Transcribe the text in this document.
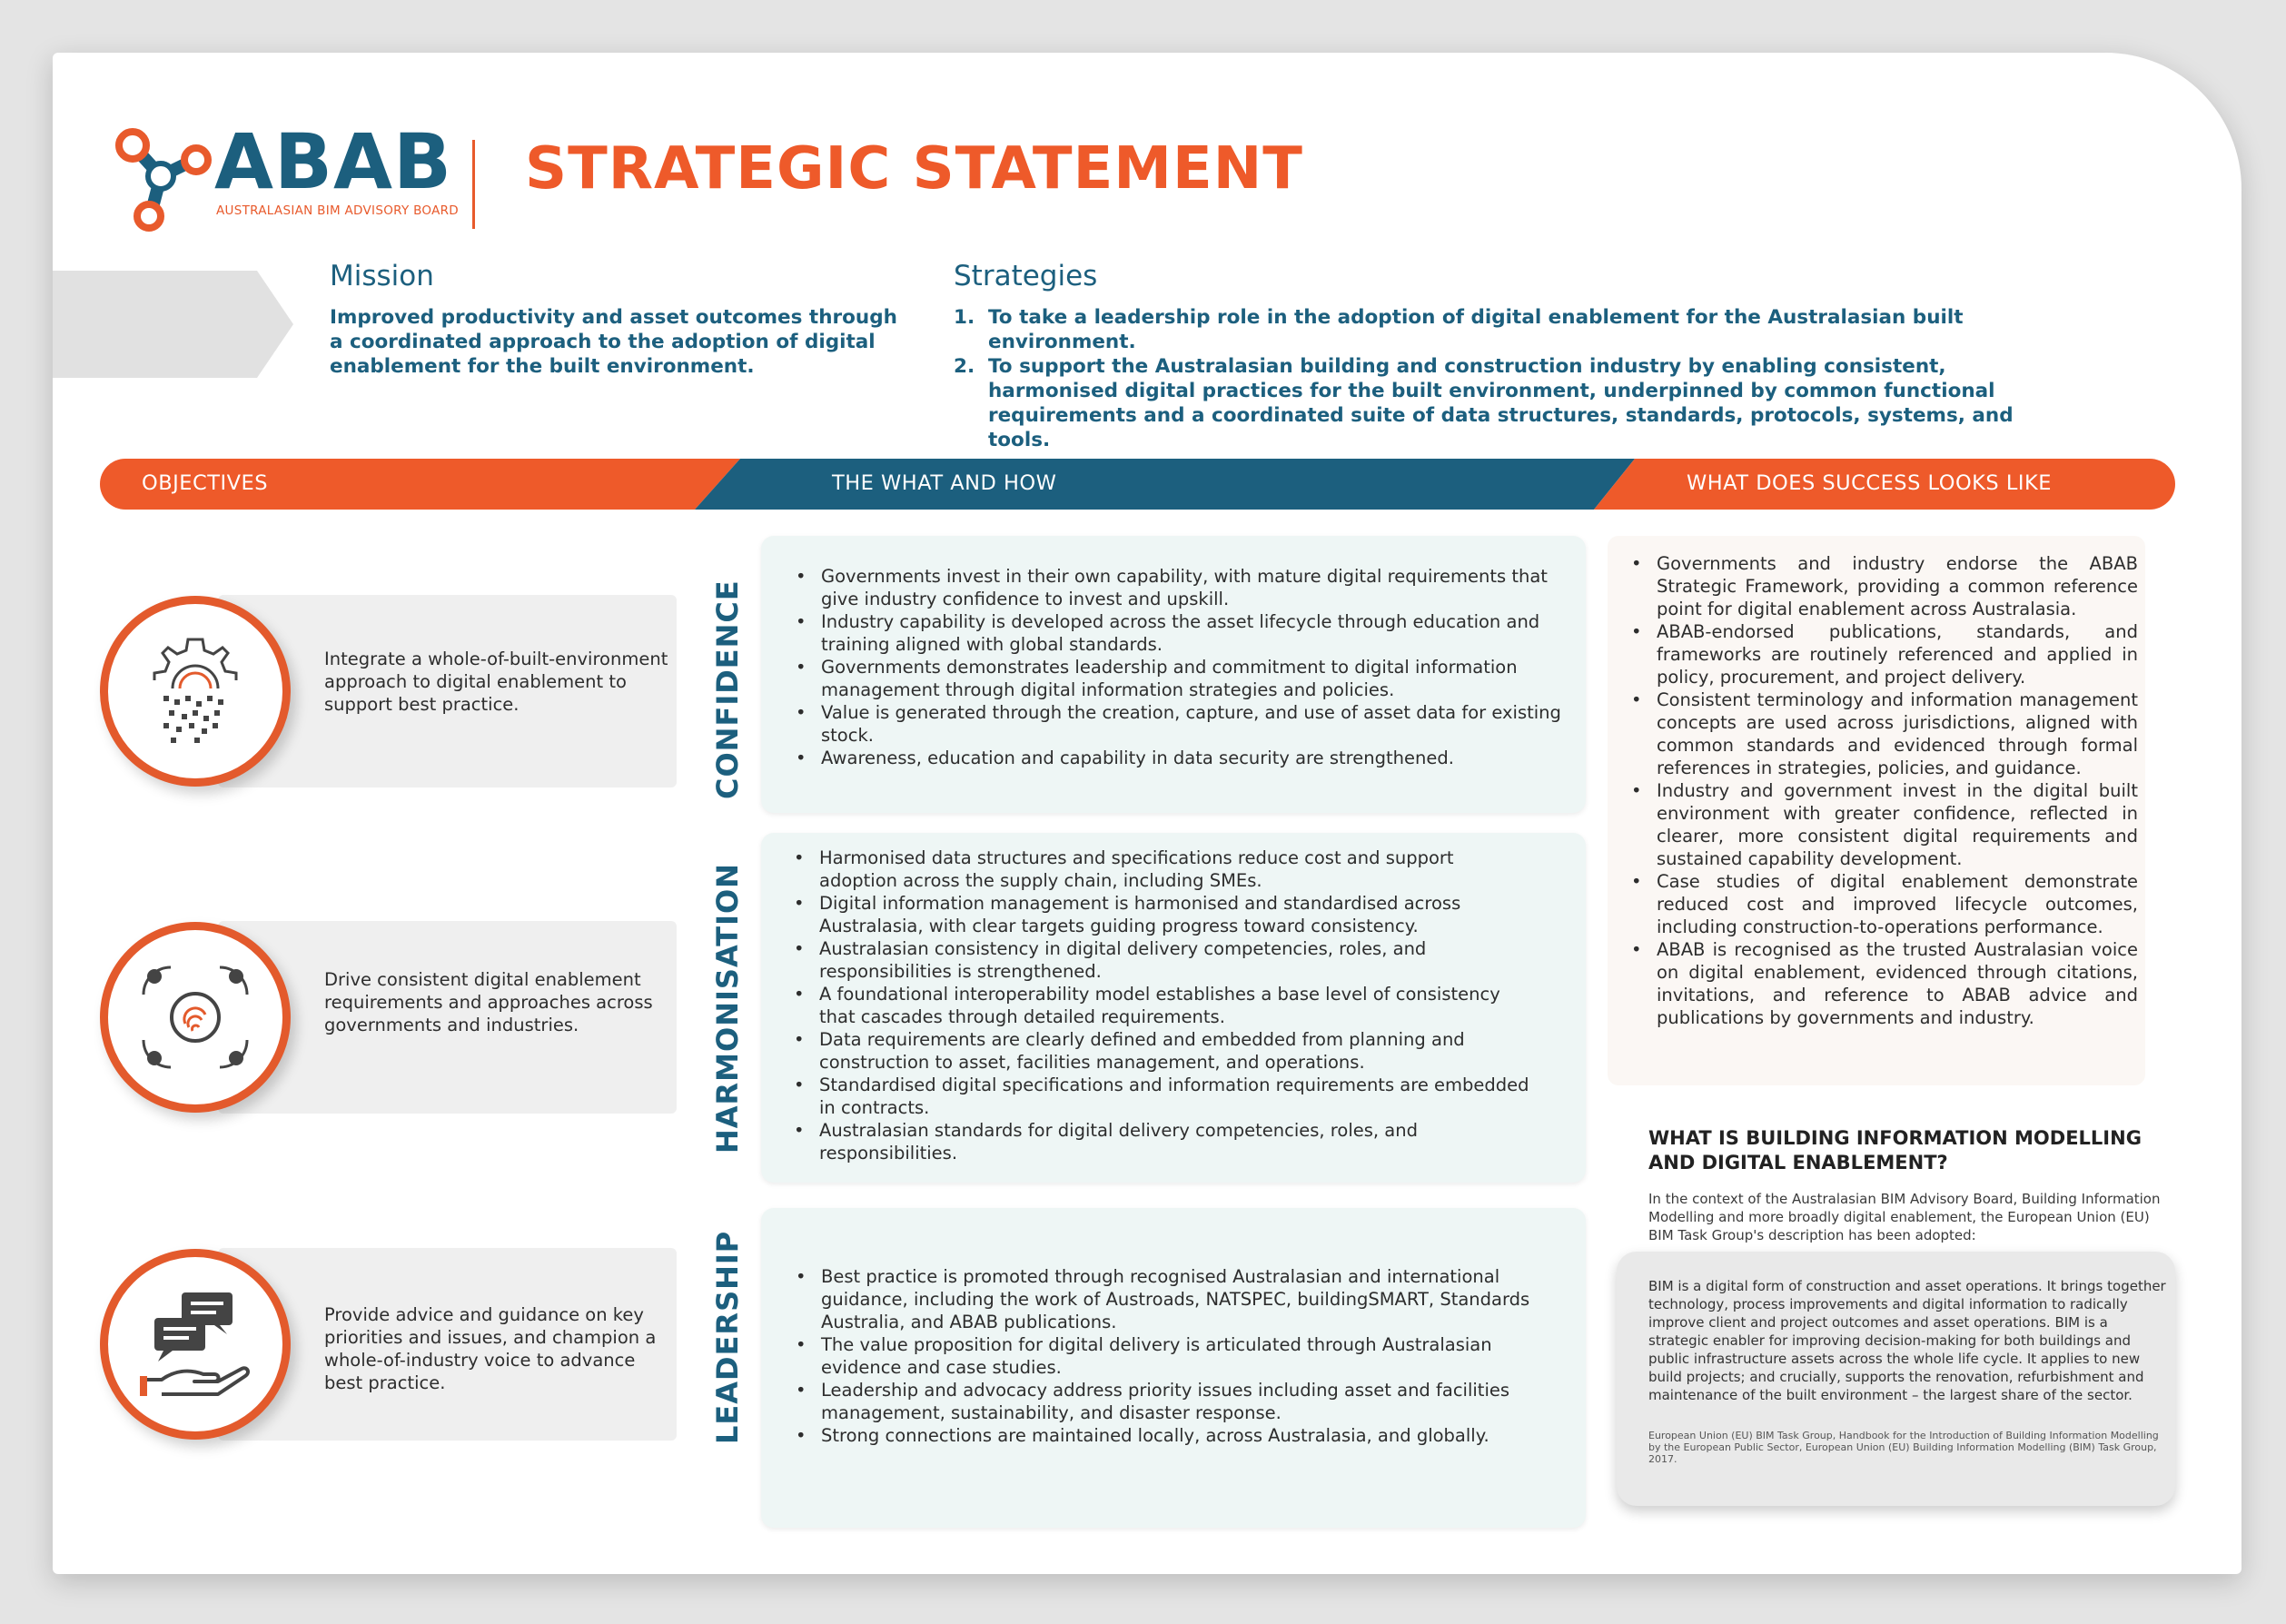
ABAB
AUSTRALASIAN BIM ADVISORY BOARD
STRATEGIC STATEMENT
Mission
Improved productivity and asset outcomes through a coordinated approach to the adoption of digital enablement for the built environment.
Strategies
1. To take a leadership role in the adoption of digital enablement for the Australasian built environment.
2. To support the Australasian building and construction industry by enabling consistent, harmonised digital practices for the built environment, underpinned by common functional requirements and a coordinated suite of data structures, standards, protocols, systems, and tools.
OBJECTIVES	THE WHAT AND HOW	WHAT DOES SUCCESS LOOKS LIKE
Integrate a whole-of-built-environment approach to digital enablement to support best practice.
Drive consistent digital enablement requirements and approaches across governments and industries.
Provide advice and guidance on key priorities and issues, and champion a whole-of-industry voice to advance best practice.
CONFIDENCE
HARMONISATION
LEADERSHIP
• Governments invest in their own capability, with mature digital requirements that give industry confidence to invest and upskill.
• Industry capability is developed across the asset lifecycle through education and training aligned with global standards.
• Governments demonstrates leadership and commitment to digital information management through digital information strategies and policies.
• Value is generated through the creation, capture, and use of asset data for existing stock.
• Awareness, education and capability in data security are strengthened.
• Harmonised data structures and specifications reduce cost and support adoption across the supply chain, including SMEs.
• Digital information management is harmonised and standardised across Australasia, with clear targets guiding progress toward consistency.
• Australasian consistency in digital delivery competencies, roles, and responsibilities is strengthened.
• A foundational interoperability model establishes a base level of consistency that cascades through detailed requirements.
• Data requirements are clearly defined and embedded from planning and construction to asset, facilities management, and operations.
• Standardised digital specifications and information requirements are embedded in contracts.
• Australasian standards for digital delivery competencies, roles, and responsibilities.
• Best practice is promoted through recognised Australasian and international guidance, including the work of Austroads, NATSPEC, buildingSMART, Standards Australia, and ABAB publications.
• The value proposition for digital delivery is articulated through Australasian evidence and case studies.
• Leadership and advocacy address priority issues including asset and facilities management, sustainability, and disaster response.
• Strong connections are maintained locally, across Australasia, and globally.
• Governments and industry endorse the ABAB Strategic Framework, providing a common reference point for digital enablement across Australasia.
• ABAB-endorsed publications, standards, and frameworks are routinely referenced and applied in policy, procurement, and project delivery.
• Consistent terminology and information management concepts are used across jurisdictions, aligned with common standards and evidenced through formal references in strategies, policies, and guidance.
• Industry and government invest in the digital built environment with greater confidence, reflected in clearer, more consistent digital requirements and sustained capability development.
• Case studies of digital enablement demonstrate reduced cost and improved lifecycle outcomes, including construction-to-operations performance.
• ABAB is recognised as the trusted Australasian voice on digital enablement, evidenced through citations, invitations, and reference to ABAB advice and publications by governments and industry.
WHAT IS BUILDING INFORMATION MODELLING AND DIGITAL ENABLEMENT?
In the context of the Australasian BIM Advisory Board, Building Information Modelling and more broadly digital enablement, the European Union (EU) BIM Task Group's description has been adopted:
BIM is a digital form of construction and asset operations. It brings together technology, process improvements and digital information to radically improve client and project outcomes and asset operations. BIM is a strategic enabler for improving decision-making for both buildings and public infrastructure assets across the whole life cycle. It applies to new build projects; and crucially, supports the renovation, refurbishment and maintenance of the built environment – the largest share of the sector.
European Union (EU) BIM Task Group, Handbook for the Introduction of Building Information Modelling by the European Public Sector, European Union (EU) Building Information Modelling (BIM) Task Group, 2017.
